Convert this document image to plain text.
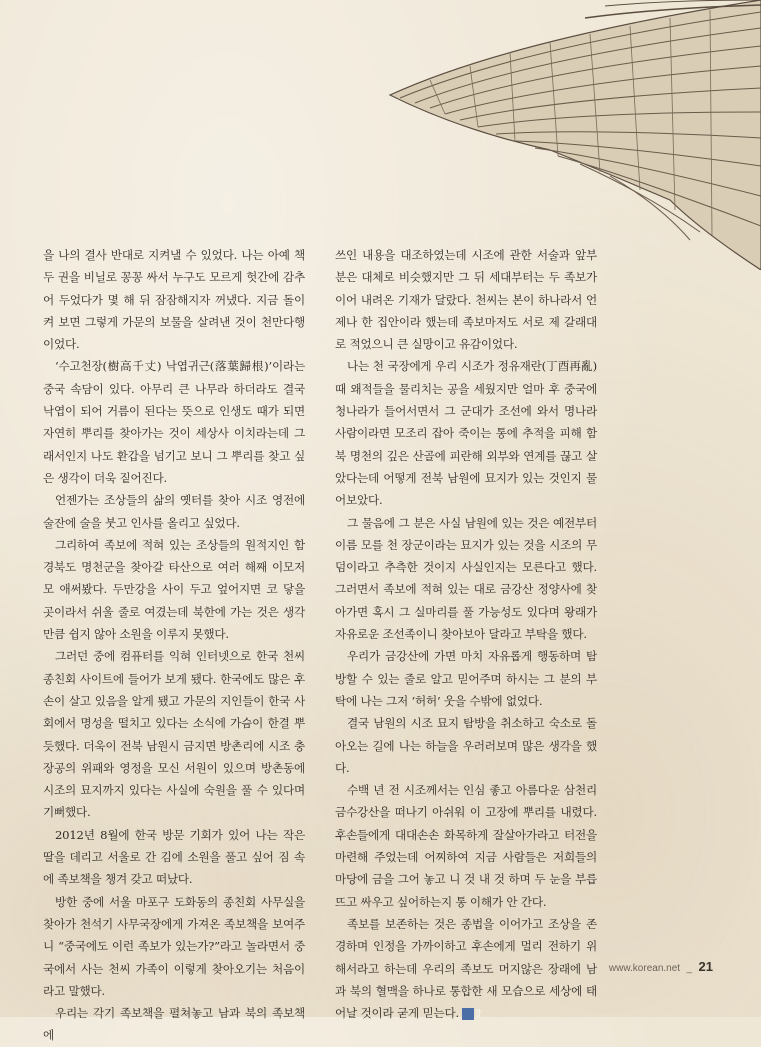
을 나의 결사 반대로 지켜낼 수 있었다. 나는 아예 책 두 권을 비닐로 꽁꽁 싸서 누구도 모르게 헛간에 감추어 두었다가 몇 해 뒤 잠잠해지자 꺼냈다. 지금 돌이켜 보면 그렇게 가문의 보물을 살려낸 것이 천만다행이었다.

‘수고천장(樹高千丈) 낙엽귀근(落葉歸根)’이라는 중국 속담이 있다. 아무리 큰 나무라 하더라도 결국 낙엽이 되어 거름이 된다는 뜻으로 인생도 때가 되면 자연히 뿌리를 찾아가는 것이 세상사 이치라는데 그래서인지 나도 환갑을 넘기고 보니 그 뿌리를 찾고 싶은 생각이 더욱 짙어진다.

언젠가는 조상들의 삶의 옛터를 찾아 시조 영전에 술잔에 술을 붓고 인사를 올리고 싶었다.

그리하여 족보에 적혀 있는 조상들의 원적지인 함경북도 명천군을 찾아갈 타산으로 여러 해째 이모저모 애써봤다. 두만강을 사이 두고 엎어지면 코 닿을 곳이라서 쉬울 줄로 여겼는데 북한에 가는 것은 생각만큼 쉽지 않아 소원을 이루지 못했다.

그러던 중에 컴퓨터를 익혀 인터넷으로 한국 천씨 종친회 사이트에 들어가 보게 됐다. 한국에도 많은 후손이 살고 있음을 알게 됐고 가문의 지인들이 한국 사회에서 명성을 떨치고 있다는 소식에 가슴이 한결 뿌듯했다. 더욱이 전북 남원시 금지면 방촌리에 시조 충장공의 위패와 영정을 모신 서원이 있으며 방촌동에 시조의 묘지까지 있다는 사실에 숙원을 풀 수 있다며 기뻐했다.

2012년 8월에 한국 방문 기회가 있어 나는 작은 딸을 데리고 서울로 간 김에 소원을 풀고 싶어 짐 속에 족보책을 챙겨 갖고 떠났다.

방한 중에 서울 마포구 도화동의 종친회 사무실을 찾아가 천석기 사무국장에게 가져온 족보책을 보여주니 “중국에도 이런 족보가 있는가?”라고 놀라면서 중국에서 사는 천씨 가족이 이렇게 찾아오기는 처음이라고 말했다.

우리는 각기 족보책을 펼쳐놓고 남과 북의 족보책에

쓰인 내용을 대조하였는데 시조에 관한 서술과 앞부분은 대체로 비슷했지만 그 뒤 세대부터는 두 족보가 이어 내려온 기재가 달랐다. 천씨는 본이 하나라서 언제나 한 집안이라 했는데 족보마저도 서로 제 갈래대로 적었으니 큰 실망이고 유감이었다.

나는 천 국장에게 우리 시조가 정유재란(丁酉再亂) 때 왜적들을 물리치는 공을 세웠지만 얼마 후 중국에 청나라가 들어서면서 그 군대가 조선에 와서 명나라 사람이라면 모조리 잡아 죽이는 통에 추적을 피해 함북 명천의 깊은 산골에 피란해 외부와 연계를 끊고 살았다는데 어떻게 전북 남원에 묘지가 있는 것인지 물어보았다.

그 물음에 그 분은 사실 남원에 있는 것은 예전부터 이름 모를 천 장군이라는 묘지가 있는 것을 시조의 무덤이라고 추측한 것이지 사실인지는 모른다고 했다. 그러면서 족보에 적혀 있는 대로 금강산 정양사에 찾아가면 혹시 그 실마리를 풀 가능성도 있다며 왕래가 자유로운 조선족이니 찾아보아 달라고 부탁을 했다.

우리가 금강산에 가면 마치 자유롭게 행동하며 탐방할 수 있는 줄로 알고 믿어주며 하시는 그 분의 부탁에 나는 그저 ‘허허’ 웃을 수밖에 없었다.

결국 남원의 시조 묘지 탐방을 취소하고 숙소로 돌아오는 길에 나는 하늘을 우러러보며 많은 생각을 했다.

수백 년 전 시조께서는 인심 좋고 아름다운 삼천리 금수강산을 떠나기 아쉬워 이 고장에 뿌리를 내렸다. 후손들에게 대대손손 화목하게 잘살아가라고 터전을 마련해 주었는데 어찌하여 지금 사람들은 저희들의 마당에 금을 그어 놓고 니 것 내 것 하며 두 눈을 부릅뜨고 싸우고 싶어하는지 통 이해가 안 간다.

족보를 보존하는 것은 종법을 이어가고 조상을 존경하며 인정을 가까이하고 후손에게 멀리 전하기 위해서라고 하는데 우리의 족보도 머지않은 장래에 남과 북의 혈맥을 하나로 통합한 새 모습으로 세상에 태어날 것이라 굳게 믿는다. 찰

www.korean.net _ 21
